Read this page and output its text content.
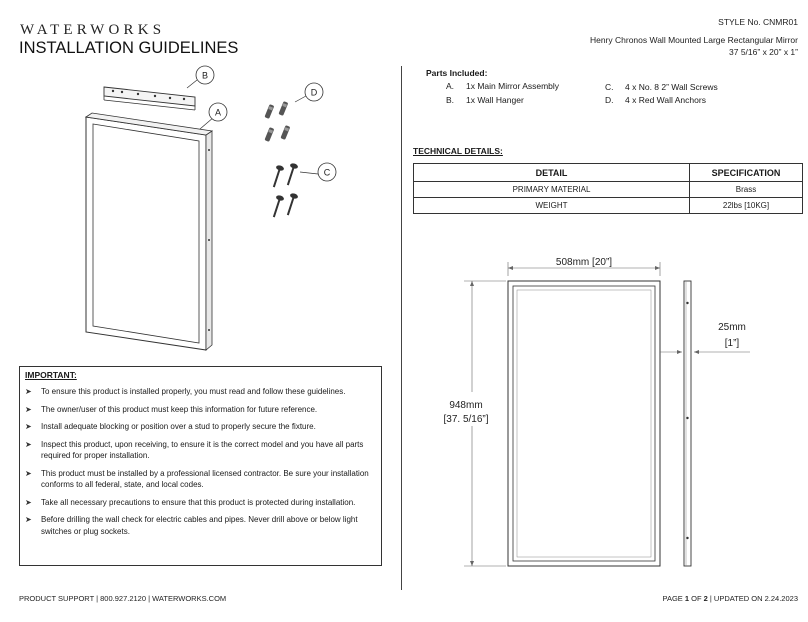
WATERWORKS
INSTALLATION GUIDELINES
STYLE No. CNMR01
Henry Chronos Wall Mounted Large Rectangular Mirror
37 5/16” x 20” x 1”
B
A
D
C
IMPORTANT:
➤	To ensure this product is installed properly, you must read and follow these guidelines.
➤	The owner/user of this product must keep this information for future reference.
➤	Install adequate blocking or position over a stud to properly secure the fixture.
➤	Inspect this product, upon receiving, to ensure it is the correct model and you have all parts required for proper installation.
➤	This product must be installed by a professional licensed contractor. Be sure your installation conforms to all federal, state, and local codes.
➤	Take all necessary precautions to ensure that this product is protected during installation.
➤	Before drilling the wall check for electric cables and pipes. Never drill above or below light switches or plug sockets.
Parts Included:
A.	1x Main Mirror Assembly
B.	1x Wall Hanger
C.	4 x No. 8 2” Wall Screws
D.	4 x Red Wall Anchors
TECHNICAL DETAILS:
DETAIL	SPECIFICATION
PRIMARY MATERIAL	Brass
WEIGHT	22lbs [10KG]
508mm [20”]
948mm
[37. 5/16”]
25mm
[1”]
PRODUCT SUPPORT | 800.927.2120 | WATERWORKS.COM	PAGE 1 OF 2 | UPDATED ON 2.24.2023
